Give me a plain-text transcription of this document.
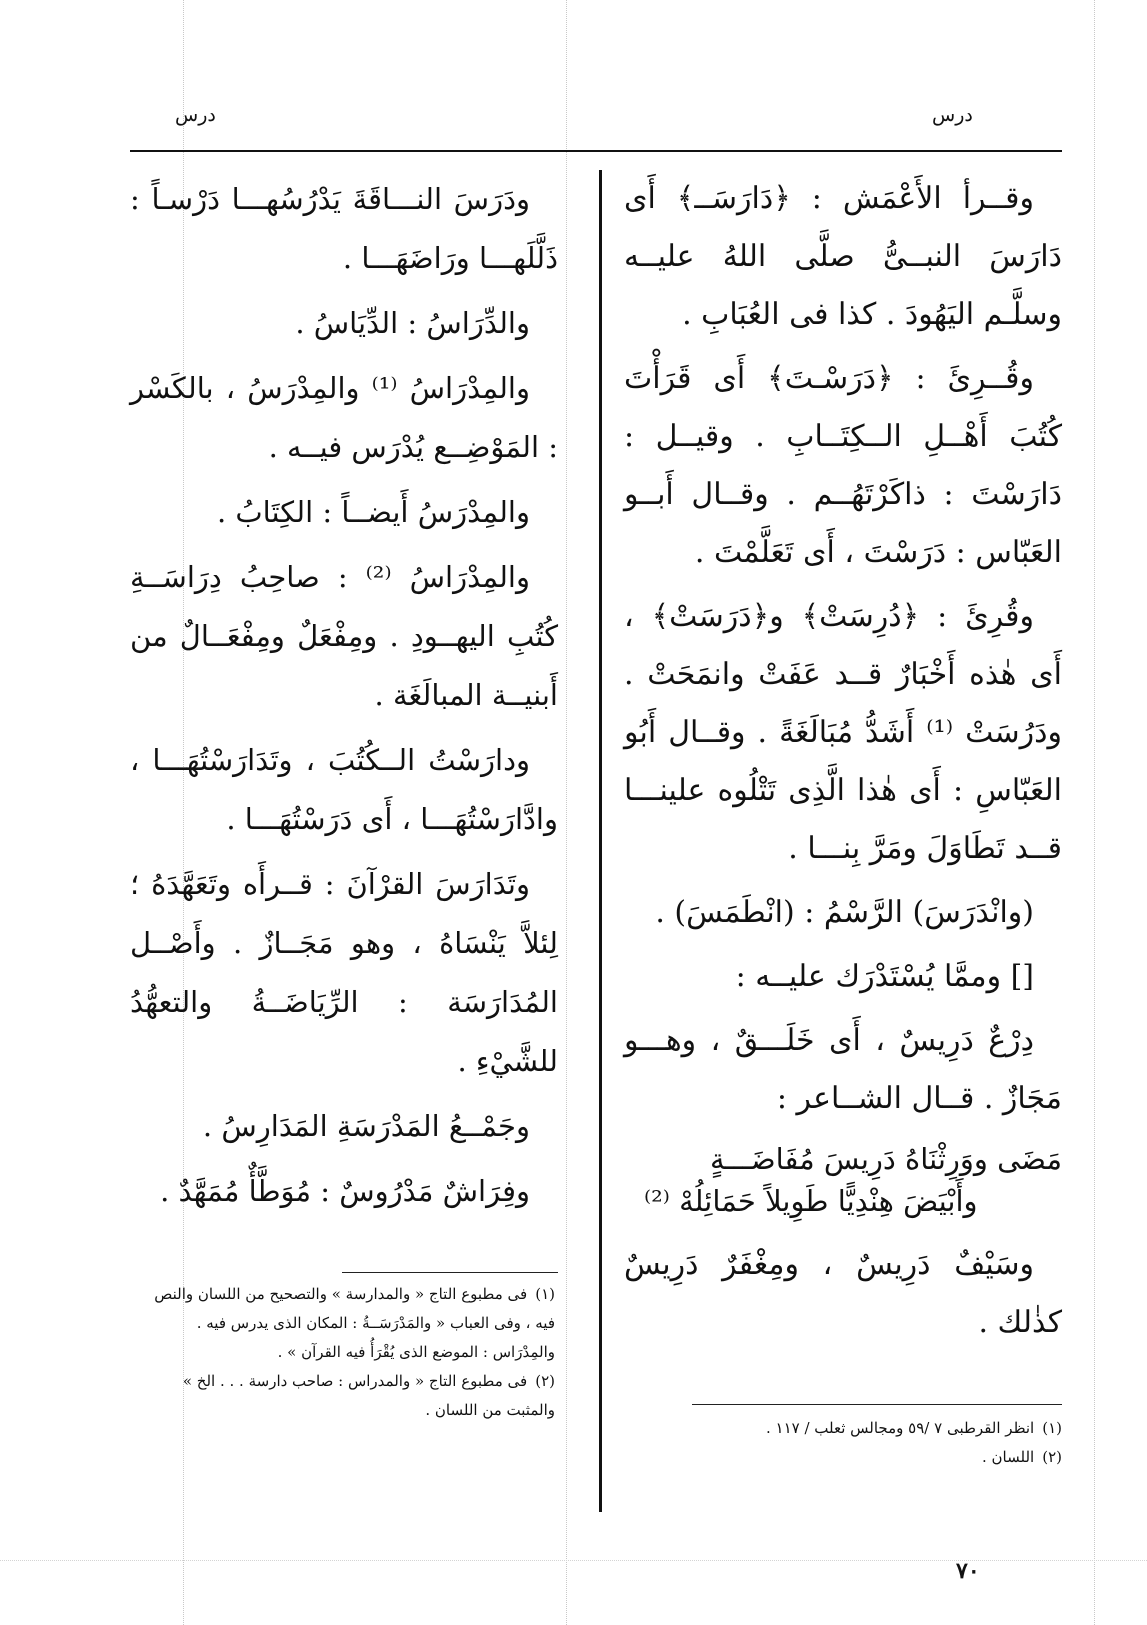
درس	درس

وقــرأ الأَعْمَش : ﴿دَارَسَــ﴾ أَى دَارَسَ النبــىُّ صلَّى اللهُ عليــه وسلَّـم اليَهُودَ . كذا فى العُبَابِ .

وقُــرِئَ : ﴿دَرَسْـتَ﴾ أَى قَرَأْتَ كُتُبَ أَهْــلِ الــكِتَــابِ . وقيــل : دَارَسْتَ : ذاكَرْتَهُــم . وقــال أَبــو العَبّاس : دَرَسْتَ ، أَى تَعَلَّمْتَ .

وقُرِئَ : ﴿دُرِسَتْ﴾ و﴿دَرَسَتْ﴾ ، أَى هٰذه أَخْبَارٌ قــد عَفَتْ وانمَحَتْ . ودَرُسَتْ ⁽¹⁾ أَشَدُّ مُبَالَغَةً . وقــال أَبُو العَبّاسِ : أَى هٰذا الَّذِى تَتْلُوه علينـــا قــد تَطَاوَلَ ومَرَّ بِنـــا .

(وانْدَرَسَ) الرَّسْمُ : (انْطَمَسَ) .

[] وممَّا يُسْتَدْرَك عليــه :

دِرْعٌ دَرِيسٌ ، أَى خَلَـــقٌ ، وهـــو مَجَازٌ . قــال الشــاعر :

مَضَى ووَرِثْنَاهُ دَرِيسَ مُفَاضَـــةٍ
وأَبْيَضَ هِنْدِيًّا طَوِيلاً حَمَائِلُهْ ⁽²⁾

وسَيْفٌ دَرِيسٌ ، ومِغْفَرٌ دَرِيسٌ كذٰلك .

(١)انظر القرطبى ٧ /٥٩ ومجالس ثعلب / ١١٧ .

(٢)اللسان .

ودَرَسَ النـــاقَةَ يَدْرُسُهـــا دَرْسـاً : ذَلَّلَهـــا ورَاضَهَـــا .

والدِّرَاسُ : الدِّيَاسُ .

والمِدْرَاسُ ⁽¹⁾ والمِدْرَسُ ، بالكَسْر : المَوْضِــع يُدْرَس فيــه .

والمِدْرَسُ أَيضــاً : الكِتَابُ .

والمِدْرَاسُ ⁽²⁾ : صاحِبُ دِرَاسَــةِ كُتُبِ اليهــودِ . ومِفْعَلٌ ومِفْعَــالٌ من أَبنيــة المبالَغَة .

ودارَسْتُ الــكُتُبَ ، وتَدَارَسْتُهَـــا ، وادَّارَسْتُهَـــا ، أَى دَرَسْتُهَـــا .

وتَدَارَسَ القرْآنَ : قــرأَه وتَعَهَّدَهُ ؛ لِئلاَّ يَنْسَاهُ ، وهو مَجَــازٌ . وأَصْــل المُدَارَسَة : الرِّيَاضَــةُ والتعهُّدُ للشَّيْءِ .

وجَمْــعُ المَدْرَسَةِ المَدَارِسُ .

وفِرَاشٌ مَدْرُوسٌ : مُوَطَّأٌ مُمَهَّدٌ .

(١)فى مطبوع التاج « والمدارسة » والتصحيح من اللسان والنص فيه ، وفى العباب « والمَدْرَسَــةُ : المكان الذى يدرس فيه . والمِدْرَاس : الموضع الذى يُقْرَأُ فيه القرآن » .

(٢)فى مطبوع التاج « والمدراس : صاحب دارسة . . . الخ » والمثبت من اللسان .

٧٠
